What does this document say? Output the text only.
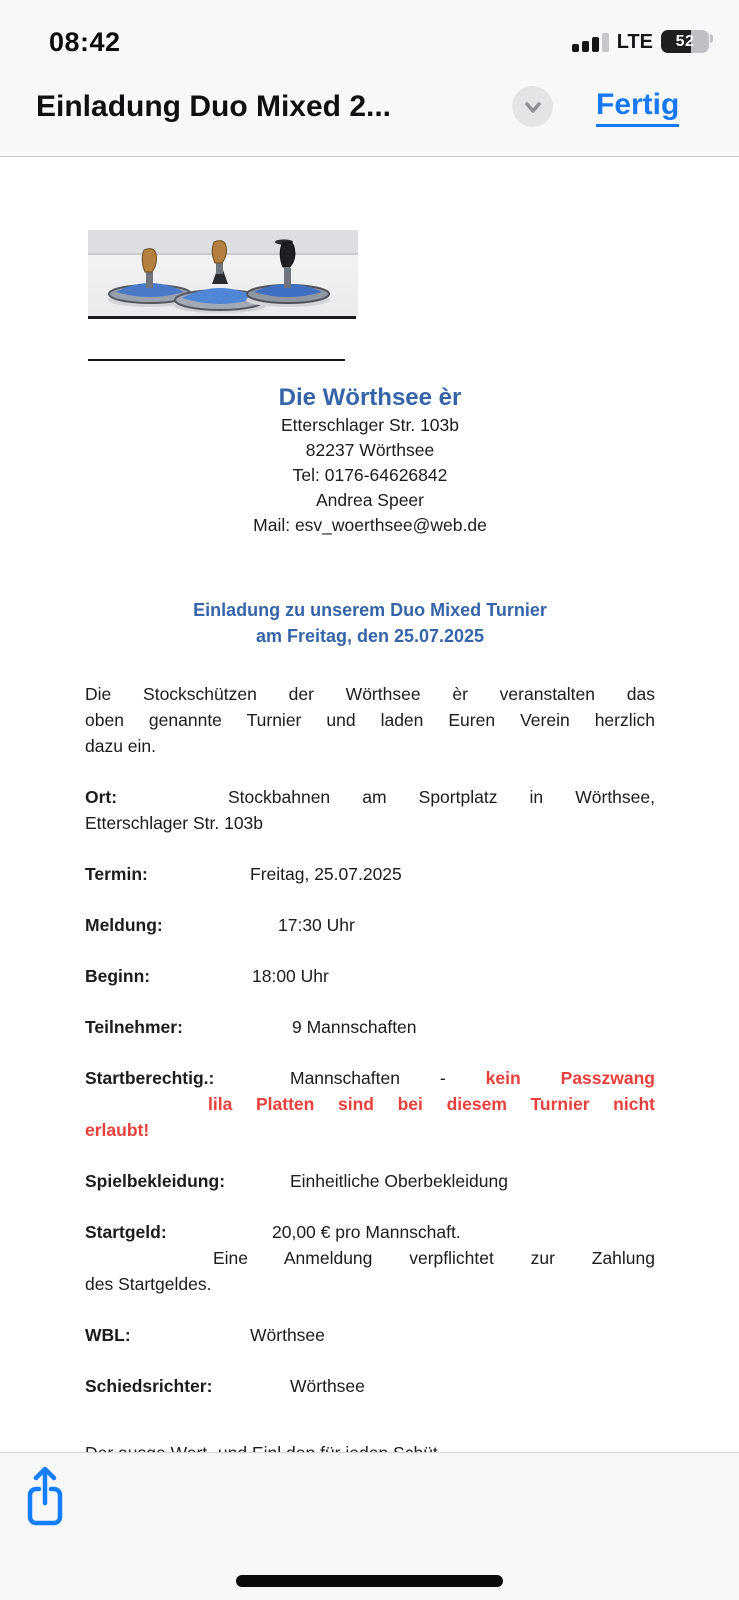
08:42	LTE 52
Einladung Duo Mixed 2...	Fertig
Die Wörthsee èr
Etterschlager Str. 103b
82237 Wörthsee
Tel: 0176-64626842
Andrea Speer
Mail: esv_woerthsee@web.de
Einladung zu unserem Duo Mixed Turnier
am Freitag, den 25.07.2025
Die Stockschützen der Wörthsee èr veranstalten das
oben genannte Turnier und laden Euren Verein herzlich
dazu ein.
Ort:	Stockbahnen am Sportplatz in Wörthsee,
Etterschlager Str. 103b
Termin:	Freitag, 25.07.2025
Meldung:	17:30 Uhr
Beginn:	18:00 Uhr
Teilnehmer:	9 Mannschaften
Startberechtig.:	Mannschaften - kein Passzwang
lila Platten sind bei diesem Turnier nicht
erlaubt!
Spielbekleidung:	Einheitliche Oberbekleidung
Startgeld:	20,00 € pro Mannschaft.
Eine Anmeldung verpflichtet zur Zahlung
des Startgeldes.
WBL:	Wörthsee
Schiedsrichter:	Wörthsee
